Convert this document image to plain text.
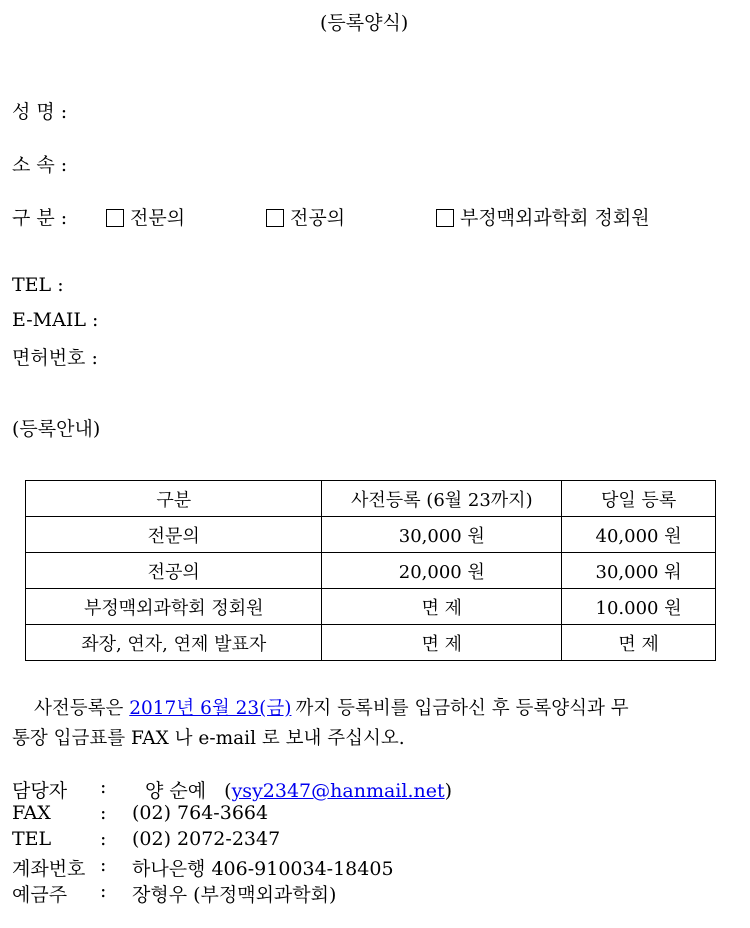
(등록양식)
성 명 :
소 속 :
구 분 :	전문의	전공의	부정맥외과학회 정회원
TEL :
E-MAIL :
면허번호 :
(등록안내)
구분	사전등록 (6월 23까지)	당일 등록
전문의	30,000 원	40,000 원
전공의	20,000 원	30,000 워
부정맥외과학회 정회원	면 제	10.000 원
좌장, 연자, 연제 발표자	면 제	면 제
사전등록은 2017년 6월 23(금) 까지 등록비를 입금하신 후 등록양식과 무
통장 입금표를 FAX 나 e-mail 로 보내 주십시오.
담당자 : 양 순예 (ysy2347@hanmail.net)
FAX	: (02) 764-3664
TEL	: (02) 2072-2347
계좌번호 : 하나은행 406-910034-18405
예금주 : 장형우 (부정맥외과학회)
